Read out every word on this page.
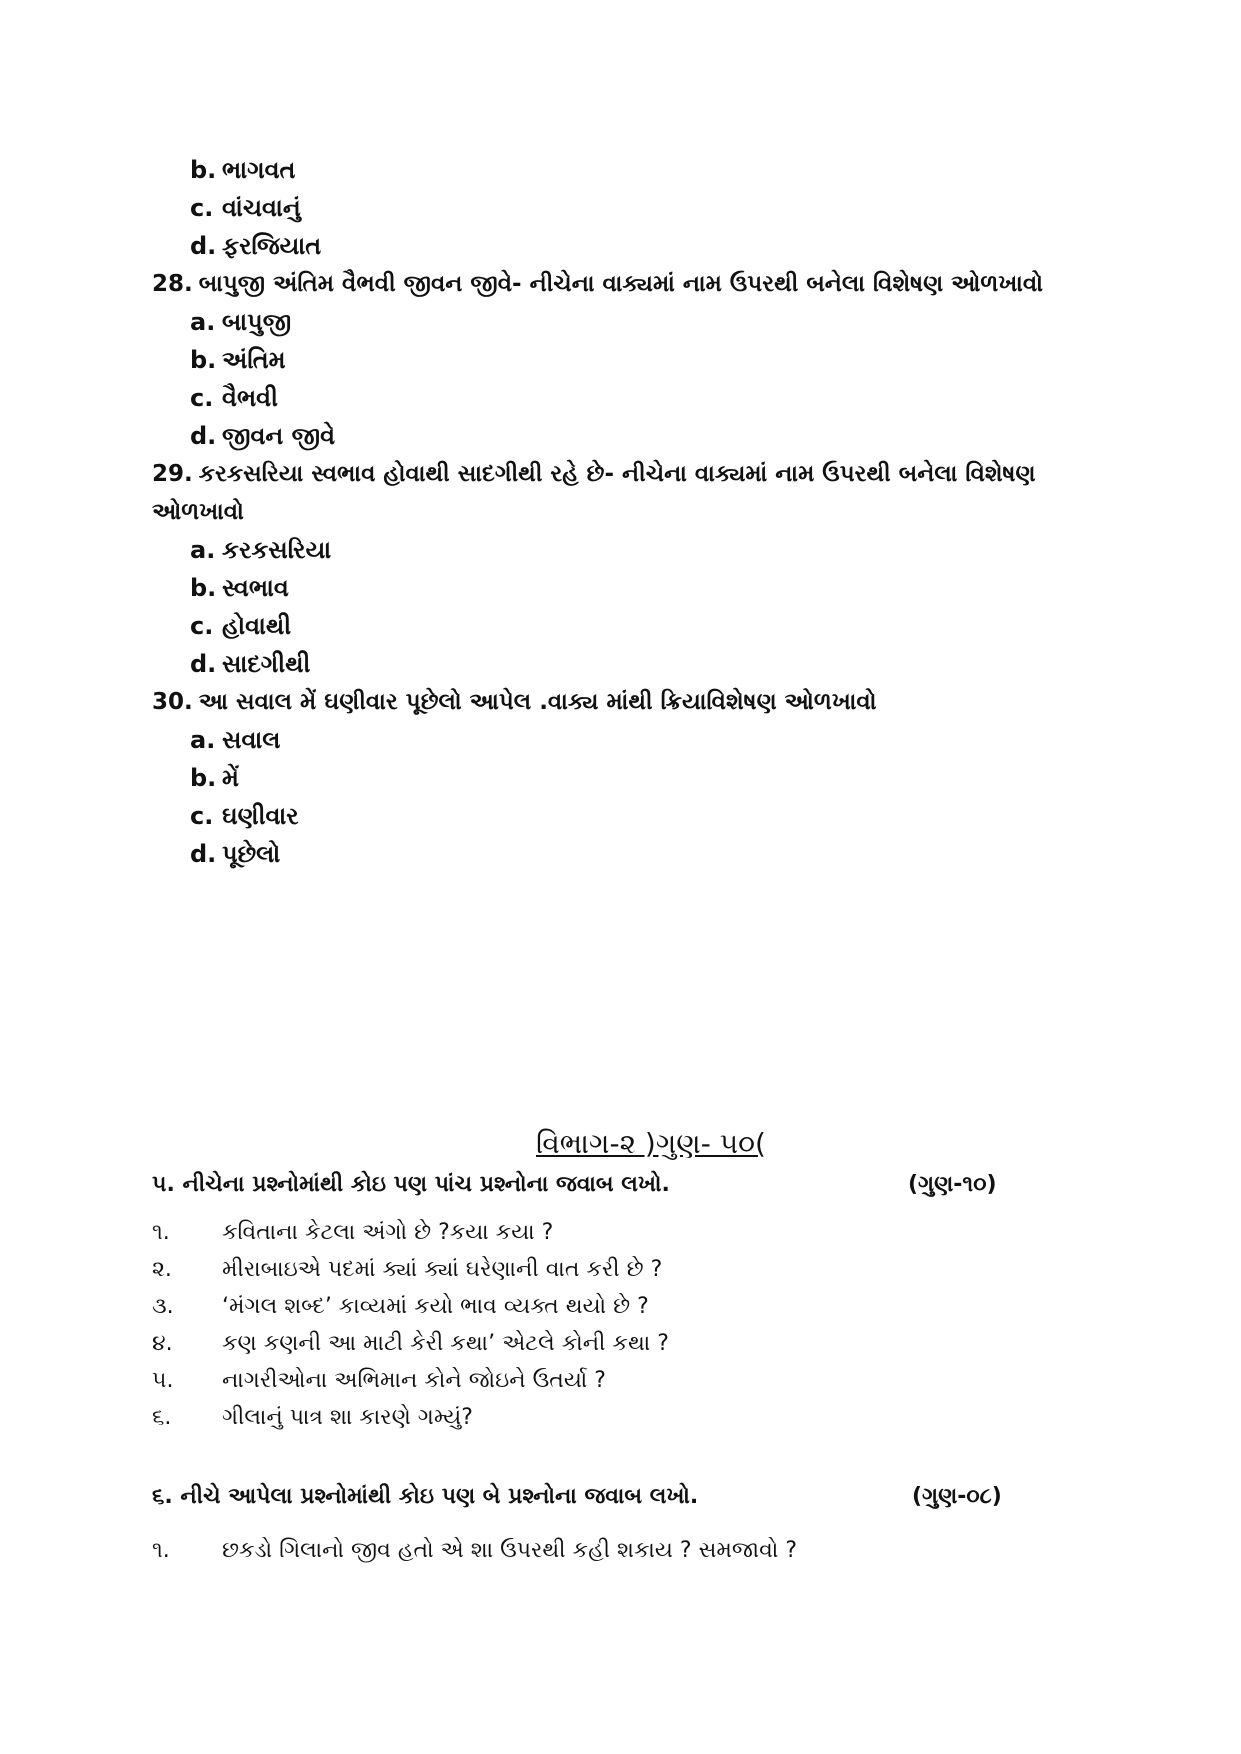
b. ભાગવત
c. વાંચવાનું
d. ફરજિયાત
28. બાપુજી અંતિમ વૈભવી જીવન જીવે- નીચેના વાક્યમાં નામ ઉપરથી બનેલા વિશેષણ ઓળખાવો
a. બાપુજી
b. અંતિમ
c. વૈભવી
d. જીવન જીવે
29. કરકસરિયા સ્વભાવ હોવાથી સાદગીથી રહે છે- નીચેના વાક્યમાં નામ ઉપરથી બનેલા વિશેષણ
ઓળખાવો
a. કરકસરિયા
b. સ્વભાવ
c. હોવાથી
d. સાદગીથી
30. આ સવાલ મેં ઘણીવાર પૂછેલો આપેલ .વાક્ય માંથી ક્રિયાવિશેષણ ઓળખાવો
a. સવાલ
b. મેં
c. ઘણીવાર
d. પૂછેલો
વિભાગ-૨ )ગુણ- ૫૦(
૫. નીચેના પ્રશ્નોમાંથી કોઇ પણ પાંચ પ્રશ્નોના જવાબ લખો.	(ગુણ-૧૦)
૧. કવિતાના કેટલા અંગો છે ?કયા કયા ?
૨. મીરાબાઇએ પદમાં ક્યાં ક્યાં ઘરેણાની વાત કરી છે ?
૩. ‘મંગલ શબ્દ’ કાવ્યમાં કયો ભાવ વ્યક્ત થયો છે ?
૪. કણ કણની આ માટી કેરી કથા’ એટલે કોની કથા ?
૫. નાગરીઓના અભિમાન કોને જોઇને ઉતર્યા ?
૬. ગીલાનું પાત્ર શા કારણે ગમ્યું?
૬. નીચે આપેલા પ્રશ્નોમાંથી કોઇ પણ બે પ્રશ્નોના જવાબ લખો.	(ગુણ-૦૮)
૧. છકડો ગિલાનો જીવ હતો એ શા ઉપરથી કહી શકાય ? સમજાવો ?
